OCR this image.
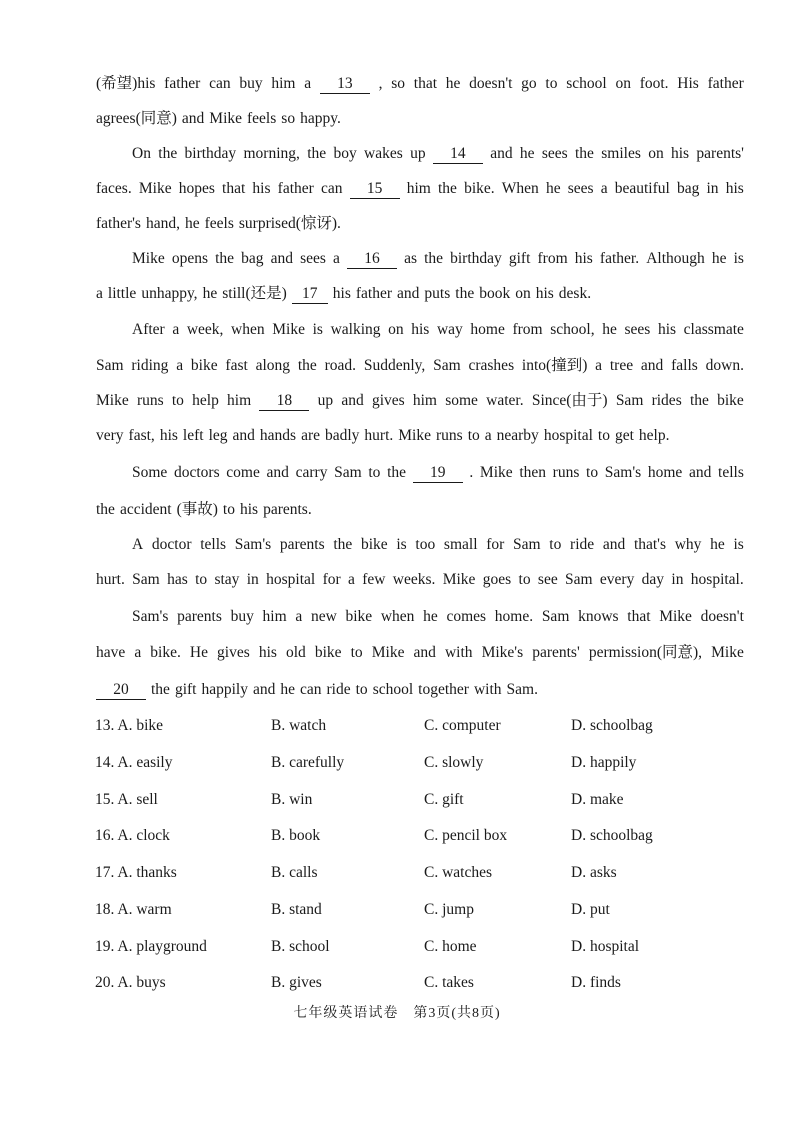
(希望)his father can buy him a	13	, so that he doesn't go to school on foot. His father
agrees(同意) and Mike feels so happy.
On the birthday morning, the boy wakes up	14	and he sees the smiles on his parents'
faces. Mike hopes that his father can	15	him the bike. When he sees a beautiful bag in his
father's hand, he feels surprised(惊讶).
Mike opens the bag and sees a	16	as the birthday gift from his father. Although he is
a little unhappy, he still(还是) 17 his father and puts the book on his desk.
After a week, when Mike is walking on his way home from school, he sees his classmate
Sam riding a bike fast along the road. Suddenly, Sam crashes into(撞到) a tree and falls down.
Mike runs to help him	18	up and gives him some water. Since(由于) Sam rides the bike
very fast, his left leg and hands are badly hurt. Mike runs to a nearby hospital to get help.
Some doctors come and carry Sam to the	19	. Mike then runs to Sam's home and tells
the accident (事故) to his parents.
A doctor tells Sam's parents the bike is too small for Sam to ride and that's why he is
hurt. Sam has to stay in hospital for a few weeks. Mike goes to see Sam every day in hospital.
Sam's parents buy him a new bike when he comes home. Sam knows that Mike doesn't
have a bike. He gives his old bike to Mike and with Mike's parents' permission(同意), Mike
20	the gift happily and he can ride to school together with Sam.
13. A. bike	B. watch	C. computer	D. schoolbag
14. A. easily	B. carefully	C. slowly	D. happily
15. A. sell	B. win	C. gift	D. make
16. A. clock	B. book	C. pencil box	D. schoolbag
17. A. thanks	B. calls	C. watches	D. asks
18. A. warm	B. stand	C. jump	D. put
19. A. playground	B. school	C. home	D. hospital
20. A. buys	B. gives	C. takes	D. finds
七年级英语试卷　第3页(共8页)
